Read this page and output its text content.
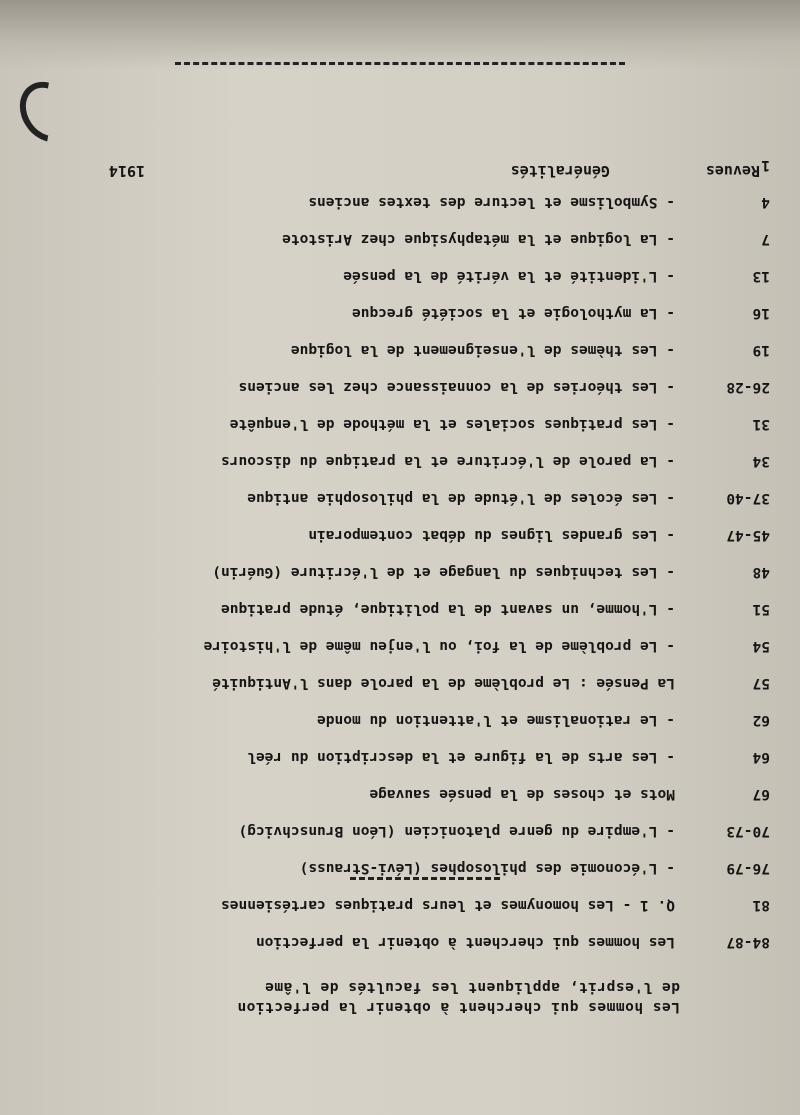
Les hommes qui cherchent à obtenir la perfection
de l'esprit, appliquent les facultés de l'âme
84-87
Les hommes qui cherchent à obtenir la perfection
81
Q. 1 - Les homonymes et leurs pratiques cartésiennes
76-79
- L'économie des philosophes (Lévi-Strauss)
70-73
- L'empire du genre platonicien (Léon Brunschvicg)
67
Mots et choses de la pensée sauvage
64
- Les arts de la figure et la description du réel
62
- Le rationalisme et l'attention du monde
57
La Pensée : Le problème de la parole dans l'Antiquité
54
- Le problème de la foi, ou l'enjeu même de l'histoire
51
- L'homme, un savant de la politique, étude pratique
48
- Les techniques du langage et de l'écriture (Guérin)
45-47
- Les grandes lignes du débat contemporain
37-40
- Les écoles de l'étude de la philosophie antique
34
- La parole de l'écriture et la pratique du discours
31
- Les pratiques sociales et la méthode de l'enquête
26-28
- Les théories de la connaissance chez les anciens
19
- Les thèmes de l'enseignement de la logique
16
- La mythologie et la société grecque
13
- L'identité et la vérité de la pensée
7
- La logique et la métaphysique chez Aristote
4
- Symbolisme et lecture des textes anciens
1
Revues
Généralités
1914
